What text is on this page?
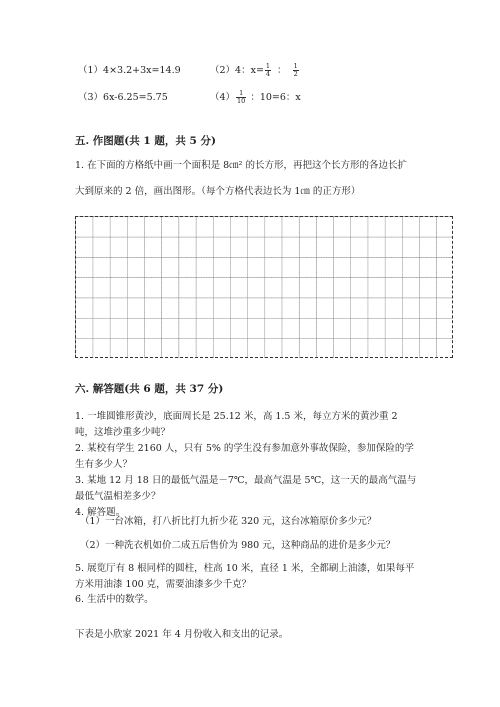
（1）4×3.2+3x=14.9	（2）4：$x= \frac{1}{4}$ ： $\frac{1}{2}$
（3）6x-6.25=5.75	$(4) \frac{1}{10}$ ：10=6：x
五. 作图题(共 1 题，共 5 分)
1. 在下面的方格纸中画一个面积是 8㎝² 的长方形，再把这个长方形的各边长扩
大到原来的 2 倍，画出图形。（每个方格代表边长为 1㎝ 的正方形）
六. 解答题(共 6 题，共 37 分)
1. 一堆圆锥形黄沙，底面周长是 25.12 米，高 1.5 米，每立方米的黄沙重 2
吨，这堆沙重多少吨？
2. 某校有学生 2160 人，只有 5% 的学生没有参加意外事故保险，参加保险的学
生有多少人？
3. 某地 12 月 18 日的最低气温是－7℃，最高气温是 5℃，这一天的最高气温与
最低气温相差多少？
4. 解答题。
（1）一台冰箱，打八折比打九折少花 320 元，这台冰箱原价多少元？
（2）一种洗衣机如价二成五后售价为 980 元，这种商品的进价是多少元？
5. 展览厅有 8 根同样的圆柱，柱高 10 米，直径 1 米，全都刷上油漆，如果每平
方米用油漆 100 克，需要油漆多少千克？
6. 生活中的数学。
下表是小欣家 2021 年 4 月份收入和支出的记录。
